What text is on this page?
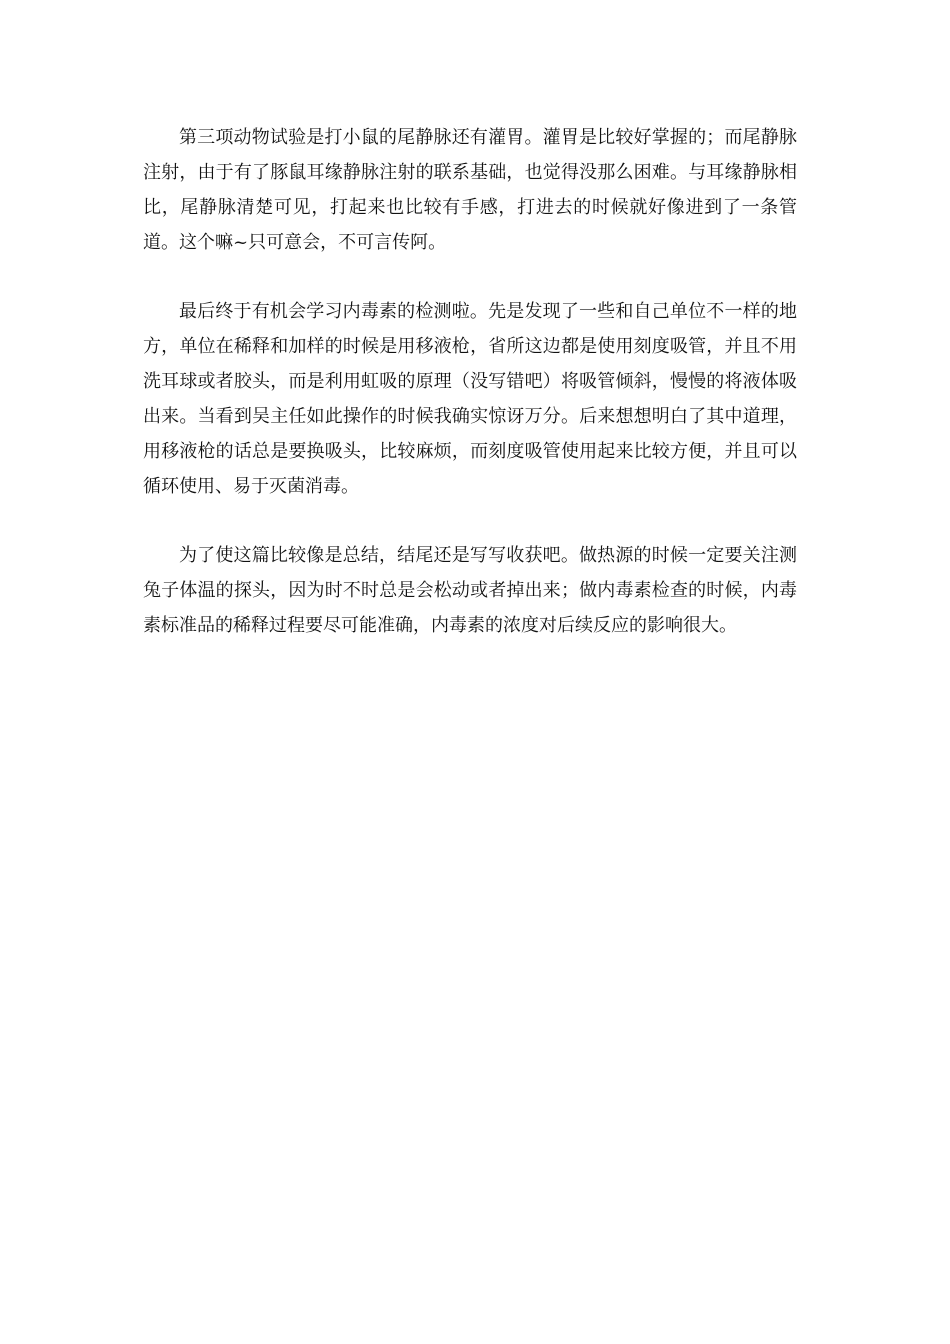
第三项动物试验是打小鼠的尾静脉还有灌胃。灌胃是比较好掌握的；而尾静脉注射，由于有了豚鼠耳缘静脉注射的联系基础，也觉得没那么困难。与耳缘静脉相比，尾静脉清楚可见，打起来也比较有手感，打进去的时候就好像进到了一条管道。这个嘛~只可意会，不可言传阿。

最后终于有机会学习内毒素的检测啦。先是发现了一些和自己单位不一样的地方，单位在稀释和加样的时候是用移液枪，省所这边都是使用刻度吸管，并且不用洗耳球或者胶头，而是利用虹吸的原理（没写错吧）将吸管倾斜，慢慢的将液体吸出来。当看到吴主任如此操作的时候我确实惊讶万分。后来想想明白了其中道理，用移液枪的话总是要换吸头，比较麻烦，而刻度吸管使用起来比较方便，并且可以循环使用、易于灭菌消毒。

为了使这篇比较像是总结，结尾还是写写收获吧。做热源的时候一定要关注测兔子体温的探头，因为时不时总是会松动或者掉出来；做内毒素检查的时候，内毒素标准品的稀释过程要尽可能准确，内毒素的浓度对后续反应的影响很大。
